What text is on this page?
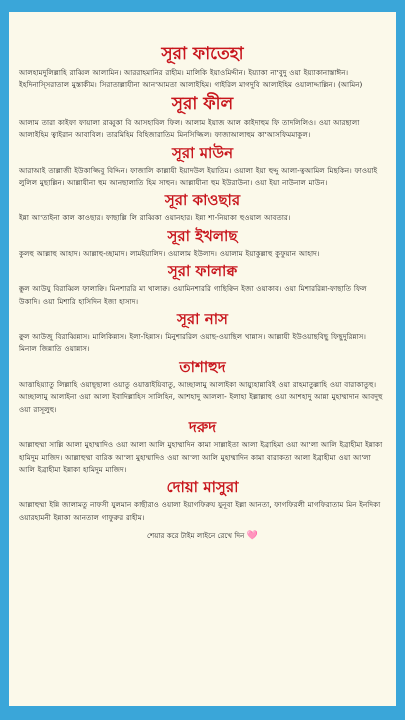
সূরা ফাতেহা

আলহামদুলিল্লাহি রাব্বিল আলামিন। আররাহমানির রাহীম। মালিকি ইয়াওমিদ্দীন। ইয়্যাকা না'বুদু ওয়া ইয়্যাকানাস্তাঈন। ইহদিনাস্সিরাতাল মুস্তাকীম। সিরাতাল্লাযীনা আন'আমতা আলাইহিম। গাইরিল মাগদুবি আলাইহিম ওয়ালাদ্দাল্লিন। (আমিন)

সূরা ফীল

আলাম তারা কাইফা ফায়ালা রাব্বুকা বি আসহাবিল ফিল। আলাম ইয়াজ আল কাইদাহুম ফি তাদলিলিও। ওয়া আরছালা আলাইহিম ত্বাইরান আবাবিল। তারমিহিম বিহিজারাতিম মিনসিজ্জিল। ফাজাআলাহুম কা'আসফিমমাকুল।

সূরা মাউন

আরাআই তাল্লাজী ইউকাজ্জিবু বিদ্দিন। ফাজালি কাল্লাযী ইয়াদউল ইয়াতিম। ওয়ালা ইয়া হুদ্দু আলা-ত্বআমিল মিছকিন। ফাওয়াই লুলিল মুছাল্লিন। আল্লাযীনা হুম আনছালাতি হিম সাহুন। আল্লাযীনা হুম ইউরাউনা। ওয়া ইয়া নাউনাল মাউন।

সূরা কাওছার

ইন্না আ'তাইনা কাল কাওছার। ফাছাল্লি লি রাব্বিকা ওয়ানহার। ইন্না শা-নিয়াকা হুওয়াল আবতার।

সূরা ইখলাছ

কুলহু আল্লাহু আহাদ। আল্লাহু-চ্ছামাদ। লামইয়ালিদ। ওয়ালাম ইউলাদ। ওয়ালাম ইয়াকুল্লাহু কুফুয়ান আহাদ।

সূরা ফালাক্ব

ক্কুল আউযু বিরাব্বিল ফালাক্বি। মিনশাররি মা খালাক্ব। ওয়ামিনশাররি গাছিক্বিন ইজা ওয়াকাব। ওয়া মিশাররিন্না-ফাছাতি ফিল উকাদি। ওয়া মিশারি হাসিদিন ইজা হাসাদ।

সূরা নাস

ক্বুল আউজু বিরাব্বিন্নাস। মালিকিন্নাস। ইলা-হিন্নাস। মিনুশাররিল ওয়াছ-ওয়াছিল খান্নাস। আল্লাযী ইউওয়াছবিছু ফিছুদুরিন্নাস। মিনাল জিন্নাতি ওয়ান্নাস।

তাশাহুদ

আত্তাহিয়্যাতু লিল্লাহি ওয়াছ্ছালা ওয়াতু ওয়াত্তাইয়িবাতু, আচ্ছালামু আলাইকা আয়্যুহান্নাবিই ওয়া রাহমাতুল্লাহি ওয়া বারাকাতুহু। আচ্ছালামু আলাইনা ওয়া আলা ইবাদিল্লাহিস সালিহিন, আশহাদু আললা- ইলাহা ইল্লাল্লাহু ওয়া আশহাদু আন্না মুহাম্মাদান আবদুহু ওয়া রাসূলুহু।

দরুদ

আল্লাহুম্মা সাল্লি আলা মুহাম্মাদিও ওয়া আলা আলি মুহাম্মাদিন কামা সাল্লাইতা আলা ইব্রাহিমা ওয়া আ'লা আলি ইব্রাহীমা ইন্নাকা হামিদুম মাজিদ। আল্লাহুম্মা বারিক আ'লা মুহাম্মাদিও ওয়া আ'লা আলি মুহাম্মাদিন কামা বারাকতা আলা ইব্রাহীমা ওয়া আ'লা আলি ইব্রাহীমা ইন্নাকা হামিদুম মাজিদ।

দোয়া মাসুরা

আল্লাহুম্মা ইন্নি জালামতু নাফসী যুলমান কাছীরাও ওয়ালা ইয়াগফিরুয যুনূবা ইল্লা আনতা, ফাগফিরলী মাগফিরাতাম মিন ইনদিকা ওয়ারহামনী ইন্নাকা আনতাল গাফুরুর রাহীম।

শেয়ার করে টাইম লাইনে রেখে দিন 🩷
